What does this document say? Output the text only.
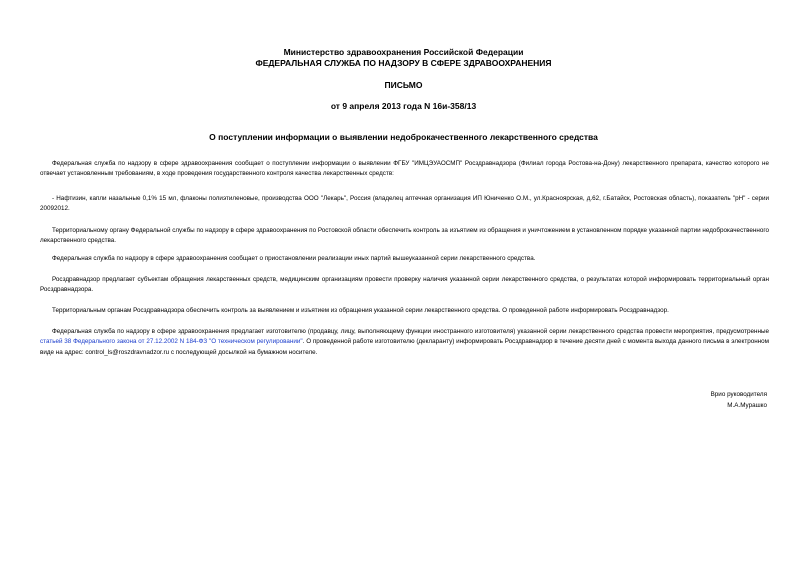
Министерство здравоохранения Российской Федерации
ФЕДЕРАЛЬНАЯ СЛУЖБА ПО НАДЗОРУ В СФЕРЕ ЗДРАВООХРАНЕНИЯ
ПИСЬМО
от 9 апреля 2013 года N 16и-358/13
О поступлении информации о выявлении недоброкачественного лекарственного средства
Федеральная служба по надзору в сфере здравоохранения сообщает о поступлении информации о выявлении ФГБУ "ИМЦЭУАОСМП" Росздравнадзора (Филиал города Ростова-на-Дону) лекарственного препарата, качество которого не отвечает установленным требованиям, в ходе проведения государственного контроля качества лекарственных средств:
- Нафтизин, капли назальные 0,1% 15 мл, флаконы полиэтиленовые, производства ООО "Лекарь", Россия (владелец аптечная организация ИП Юниченко О.М., ул.Красноярская, д.62, г.Батайск, Ростовская область), показатель "pH" - серии 20092012.
Территориальному органу Федеральной службы по надзору в сфере здравоохранения по Ростовской области обеспечить контроль за изъятием из обращения и уничтожением в установленном порядке указанной партии недоброкачественного лекарственного средства.
Федеральная служба по надзору в сфере здравоохранения сообщает о приостановлении реализации иных партий вышеуказанной серии лекарственного средства.
Росздравнадзор предлагает субъектам обращения лекарственных средств, медицинским организациям провести проверку наличия указанной серии лекарственного средства, о результатах которой информировать территориальный орган Росздравнадзора.
Территориальным органам Росздравнадзора обеспечить контроль за выявлением и изъятием из обращения указанной серии лекарственного средства. О проведенной работе информировать Росздравнадзор.
Федеральная служба по надзору в сфере здравоохранения предлагает изготовителю (продавцу, лицу, выполняющему функции иностранного изготовителя) указанной серии лекарственного средства провести мероприятия, предусмотренные статьей 38 Федерального закона от 27.12.2002 N 184-ФЗ "О техническом регулировании". О проведенной работе изготовителю (декларанту) информировать Росздравнадзор в течение десяти дней с момента выхода данного письма в электронном виде на адрес: control_ls@roszdravnadzor.ru с последующей досылкой на бумажном носителе.
Врио руководителя
М.А.Мурашко
